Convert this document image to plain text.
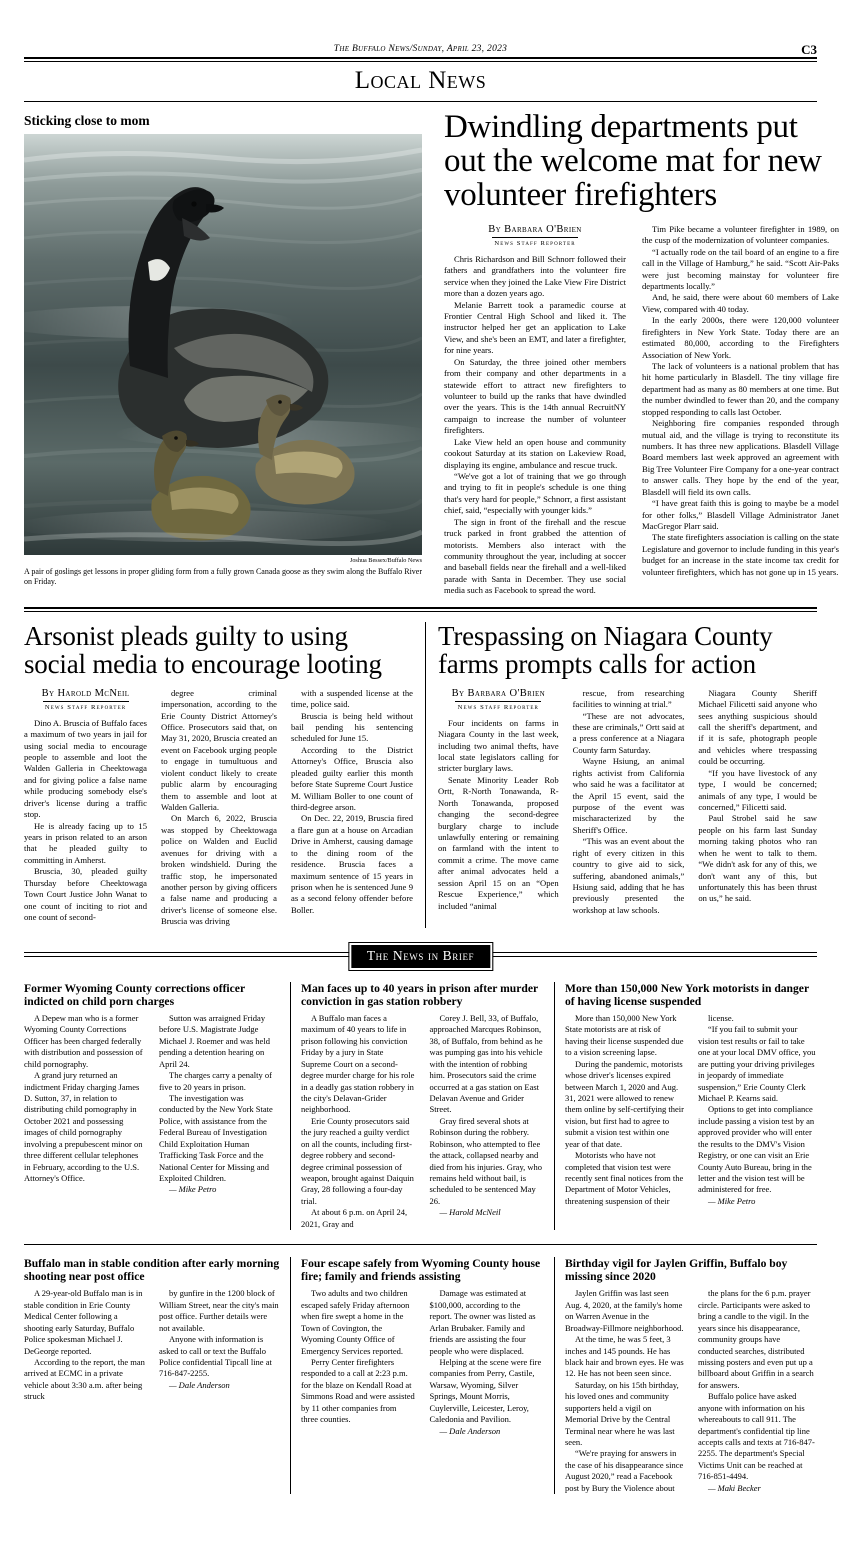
The Buffalo News/Sunday, April 23, 2023	C3
Local News
Sticking close to mom
Joshua Bessex/Buffalo News
A pair of goslings get lessons in proper gliding form from a fully grown Canada goose as they swim along the Buffalo River on Friday.
Dwindling departments put out the welcome mat for new volunteer firefighters
By Barbara O'Brien
News Staff Reporter

Chris Richardson and Bill Schnorr followed their fathers and grandfathers into the volunteer fire service when they joined the Lake View Fire District more than a dozen years ago.

Melanie Barrett took a paramedic course at Frontier Central High School and liked it. The instructor helped her get an application to Lake View, and she's been an EMT, and later a firefighter, for nine years.

On Saturday, the three joined other members from their company and other departments in a statewide effort to attract new firefighters to volunteer to build up the ranks that have dwindled over the years. This is the 14th annual RecruitNY campaign to increase the number of volunteer firefighters.

Lake View held an open house and community cookout Saturday at its station on Lakeview Road, displaying its engine, ambulance and rescue truck.

“We've got a lot of training that we go through and trying to fit in people's schedule is one thing that's very hard for people,” Schnorr, a first assistant chief, said, “especially with younger kids.”

The sign in front of the firehall and the rescue truck parked in front grabbed the attention of motorists. Members also interact with the community throughout the year, including at soccer and baseball fields near the firehall and a well-liked parade with Santa in December. They use social media such as Facebook to spread the word.

Tim Pike became a volunteer firefighter in 1989, on the cusp of the modernization of volunteer companies.

“I actually rode on the tail board of an engine to a fire call in the Village of Hamburg,” he said. “Scott Air-Paks were just becoming mainstay for volunteer fire departments locally.”

And, he said, there were about 60 members of Lake View, compared with 40 today.

In the early 2000s, there were 120,000 volunteer firefighters in New York State. Today there are an estimated 80,000, according to the Firefighters Association of New York.

The lack of volunteers is a national problem that has hit home particularly in Blasdell. The tiny village fire department had as many as 80 members at one time. But the number dwindled to fewer than 20, and the company stopped responding to calls last October.

Neighboring fire companies responded through mutual aid, and the village is trying to reconstitute its numbers. It has three new applications. Blasdell Village Board members last week approved an agreement with Big Tree Volunteer Fire Company for a one-year contract to answer calls. They hope by the end of the year, Blasdell will field its own calls.

“I have great faith this is going to maybe be a model for other folks,” Blasdell Village Administrator Janet MacGregor Plarr said.

The state firefighters association is calling on the state Legislature and governor to include funding in this year's budget for an increase in the state income tax credit for volunteer firefighters, which has not gone up in 15 years.

Arsonist pleads guilty to using social media to encourage looting
By Harold McNeil
News Staff Reporter

Dino A. Bruscia of Buffalo faces a maximum of two years in jail for using social media to encourage people to assemble and loot the Walden Galleria in Cheektowaga and for giving police a false name while producing somebody else's driver's license during a traffic stop.

He is already facing up to 15 years in prison related to an arson that he pleaded guilty to committing in Amherst.

Bruscia, 30, pleaded guilty Thursday before Cheektowaga Town Court Justice John Wanat to one count of inciting to riot and one count of second-

degree criminal impersonation, according to the Erie County District Attorney's Office. Prosecutors said that, on May 31, 2020, Bruscia created an event on Facebook urging people to engage in tumultuous and violent conduct likely to create public alarm by encouraging them to assemble and loot at Walden Galleria.

On March 6, 2022, Bruscia was stopped by Cheektowaga police on Walden and Euclid avenues for driving with a broken windshield. During the traffic stop, he impersonated another person by giving officers a false name and producing a driver's license of someone else. Bruscia was driving

with a suspended license at the time, police said.

Bruscia is being held without bail pending his sentencing scheduled for June 15.

According to the District Attorney's Office, Bruscia also pleaded guilty earlier this month before State Supreme Court Justice M. William Boller to one count of third-degree arson.

On Dec. 22, 2019, Bruscia fired a flare gun at a house on Arcadian Drive in Amherst, causing damage to the dining room of the residence. Bruscia faces a maximum sentence of 15 years in prison when he is sentenced June 9 as a second felony offender before Boller.

Trespassing on Niagara County farms prompts calls for action
By Barbara O'Brien
News Staff Reporter

Four incidents on farms in Niagara County in the last week, including two animal thefts, have local state legislators calling for stricter burglary laws.

Senate Minority Leader Rob Ortt, R-North Tonawanda, R-North Tonawanda, proposed changing the second-degree burglary charge to include unlawfully entering or remaining on farmland with the intent to commit a crime. The move came after animal advocates held a session April 15 on an “Open Rescue Experience,” which included “animal

rescue, from researching facilities to winning at trial.”

“These are not advocates, these are criminals,” Ortt said at a press conference at a Niagara County farm Saturday.

Wayne Hsiung, an animal rights activist from California who said he was a facilitator at the April 15 event, said the purpose of the event was mischaracterized by the Sheriff's Office.

“This was an event about the right of every citizen in this country to give aid to sick, suffering, abandoned animals,” Hsiung said, adding that he has previously presented the workshop at law schools.

Niagara County Sheriff Michael Filicetti said anyone who sees anything suspicious should call the sheriff's department, and if it is safe, photograph people and vehicles where trespassing could be occurring.

“If you have livestock of any type, I would be concerned; animals of any type, I would be concerned,” Filicetti said.

Paul Strobel said he saw people on his farm last Sunday morning taking photos who ran when he went to talk to them. “We didn't ask for any of this, we don't want any of this, but unfortunately this has been thrust on us,” he said.

The News in Brief
Former Wyoming County corrections officer indicted on child porn charges

A Depew man who is a former Wyoming County Corrections Officer has been charged federally with distribution and possession of child pornography.

A grand jury returned an indictment Friday charging James D. Sutton, 37, in relation to distributing child pornography in October 2021 and possessing images of child pornography involving a prepubescent minor on three different cellular telephones in February, according to the U.S. Attorney's Office.

Sutton was arraigned Friday before U.S. Magistrate Judge Michael J. Roemer and was held pending a detention hearing on April 24.

The charges carry a penalty of five to 20 years in prison.

The investigation was conducted by the New York State Police, with assistance from the Federal Bureau of Investigation Child Exploitation Human Trafficking Task Force and the National Center for Missing and Exploited Children.

— Mike Petro

Man faces up to 40 years in prison after murder conviction in gas station robbery

A Buffalo man faces a maximum of 40 years to life in prison following his conviction Friday by a jury in State Supreme Court on a second-degree murder charge for his role in a deadly gas station robbery in the city's Delavan-Grider neighborhood.

Erie County prosecutors said the jury reached a guilty verdict on all the counts, including first-degree robbery and second-degree criminal possession of weapon, brought against Daiquin Gray, 28 following a four-day trial.

At about 6 p.m. on April 24, 2021, Gray and

Corey J. Bell, 33, of Buffalo, approached Marcques Robinson, 38, of Buffalo, from behind as he was pumping gas into his vehicle with the intention of robbing him. Prosecutors said the crime occurred at a gas station on East Delavan Avenue and Grider Street.

Gray fired several shots at Robinson during the robbery. Robinson, who attempted to flee the attack, collapsed nearby and died from his injuries. Gray, who remains held without bail, is scheduled to be sentenced May 26.

— Harold McNeil

More than 150,000 New York motorists in danger of having license suspended

More than 150,000 New York State motorists are at risk of having their license suspended due to a vision screening lapse.

During the pandemic, motorists whose driver's licenses expired between March 1, 2020 and Aug. 31, 2021 were allowed to renew them online by self-certifying their vision, but first had to agree to submit a vision test within one year of that date.

Motorists who have not completed that vision test were recently sent final notices from the Department of Motor Vehicles, threatening suspension of their

license.

“If you fail to submit your vision test results or fail to take one at your local DMV office, you are putting your driving privileges in jeopardy of immediate suspension,” Erie County Clerk Michael P. Kearns said.

Options to get into compliance include passing a vision test by an approved provider who will enter the results to the DMV's Vision Registry, or one can visit an Erie County Auto Bureau, bring in the letter and the vision test will be administered for free.

— Mike Petro

Buffalo man in stable condition after early morning shooting near post office

A 29-year-old Buffalo man is in stable condition in Erie County Medical Center following a shooting early Saturday, Buffalo Police spokesman Michael J. DeGeorge reported.

According to the report, the man arrived at ECMC in a private vehicle about 3:30 a.m. after being struck

by gunfire in the 1200 block of William Street, near the city's main post office. Further details were not available.

Anyone with information is asked to call or text the Buffalo Police confidential Tipcall line at 716-847-2255.

— Dale Anderson

Four escape safely from Wyoming County house fire; family and friends assisting

Two adults and two children escaped safely Friday afternoon when fire swept a home in the Town of Covington, the Wyoming County Office of Emergency Services reported.

Perry Center firefighters responded to a call at 2:23 p.m. for the blaze on Kendall Road at Simmons Road and were assisted by 11 other companies from three counties.

Damage was estimated at $100,000, according to the report. The owner was listed as Arlan Brubaker. Family and friends are assisting the four people who were displaced.

Helping at the scene were fire companies from Perry, Castile, Warsaw, Wyoming, Silver Springs, Mount Morris, Cuylerville, Leicester, Leroy, Caledonia and Pavilion.

— Dale Anderson

Birthday vigil for Jaylen Griffin, Buffalo boy missing since 2020

Jaylen Griffin was last seen Aug. 4, 2020, at the family's home on Warren Avenue in the Broadway-Fillmore neighborhood.

At the time, he was 5 feet, 3 inches and 145 pounds. He has black hair and brown eyes. He was 12. He has not been seen since.

Saturday, on his 15th birthday, his loved ones and community supporters held a vigil on Memorial Drive by the Central Terminal near where he was last seen.

“We're praying for answers in the case of his disappearance since August 2020,” read a Facebook post by Bury the Violence about

the plans for the 6 p.m. prayer circle. Participants were asked to bring a candle to the vigil. In the years since his disappearance, community groups have conducted searches, distributed missing posters and even put up a billboard about Griffin in a search for answers.

Buffalo police have asked anyone with information on his whereabouts to call 911. The department's confidential tip line accepts calls and texts at 716-847-2255. The department's Special Victims Unit can be reached at 716-851-4494.

— Maki Becker
